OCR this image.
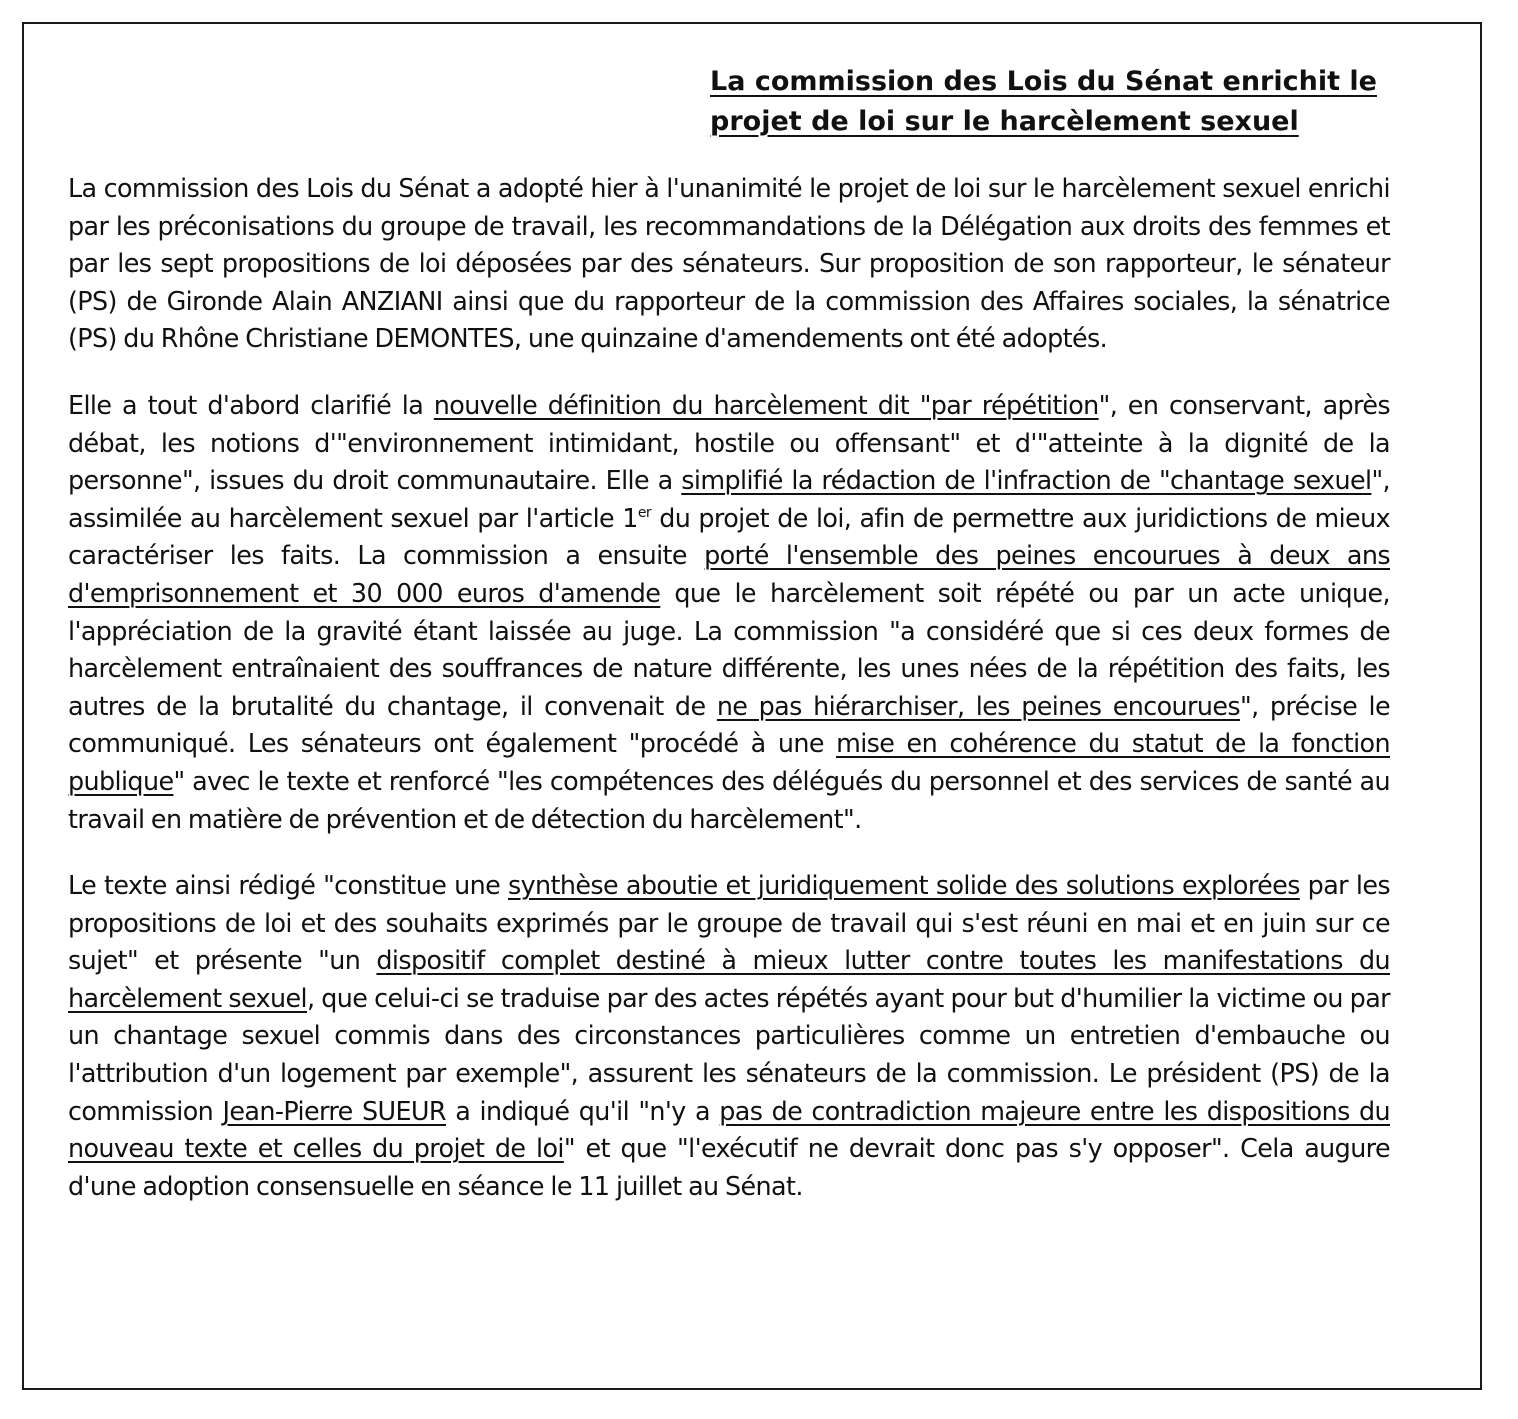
La commission des Lois du Sénat enrichit le
projet de loi sur le harcèlement sexuel

La commission des Lois du Sénat a adopté hier à l'unanimité le projet de loi sur le harcèlement sexuel enrichi par les préconisations du groupe de travail, les recommandations de la Délégation aux droits des femmes et par les sept propositions de loi déposées par des sénateurs. Sur proposition de son rapporteur, le sénateur (PS) de Gironde Alain ANZIANI ainsi que du rapporteur de la commission des Affaires sociales, la sénatrice (PS) du Rhône Christiane DEMONTES, une quinzaine d'amendements ont été adoptés.

Elle a tout d'abord clarifié la nouvelle définition du harcèlement dit "par répétition", en conservant, après débat, les notions d'"environnement intimidant, hostile ou offensant" et d'"atteinte à la dignité de la personne", issues du droit communautaire. Elle a simplifié la rédaction de l'infraction de "chantage sexuel", assimilée au harcèlement sexuel par l'article 1er du projet de loi, afin de permettre aux juridictions de mieux caractériser les faits. La commission a ensuite porté l'ensemble des peines encourues à deux ans d'emprisonnement et 30 000 euros d'amende que le harcèlement soit répété ou par un acte unique, l'appréciation de la gravité étant laissée au juge. La commission "a considéré que si ces deux formes de harcèlement entraînaient des souffrances de nature différente, les unes nées de la répétition des faits, les autres de la brutalité du chantage, il convenait de ne pas hiérarchiser, les peines encourues", précise le communiqué. Les sénateurs ont également "procédé à une mise en cohérence du statut de la fonction publique" avec le texte et renforcé "les compétences des délégués du personnel et des services de santé au travail en matière de prévention et de détection du harcèlement".

Le texte ainsi rédigé "constitue une synthèse aboutie et juridiquement solide des solutions explorées par les propositions de loi et des souhaits exprimés par le groupe de travail qui s'est réuni en mai et en juin sur ce sujet" et présente "un dispositif complet destiné à mieux lutter contre toutes les manifestations du harcèlement sexuel, que celui-ci se traduise par des actes répétés ayant pour but d'humilier la victime ou par un chantage sexuel commis dans des circonstances particulières comme un entretien d'embauche ou l'attribution d'un logement par exemple", assurent les sénateurs de la commission. Le président (PS) de la commission Jean-Pierre SUEUR a indiqué qu'il "n'y a pas de contradiction majeure entre les dispositions du nouveau texte et celles du projet de loi" et que "l'exécutif ne devrait donc pas s'y opposer". Cela augure d'une adoption consensuelle en séance le 11 juillet au Sénat.
